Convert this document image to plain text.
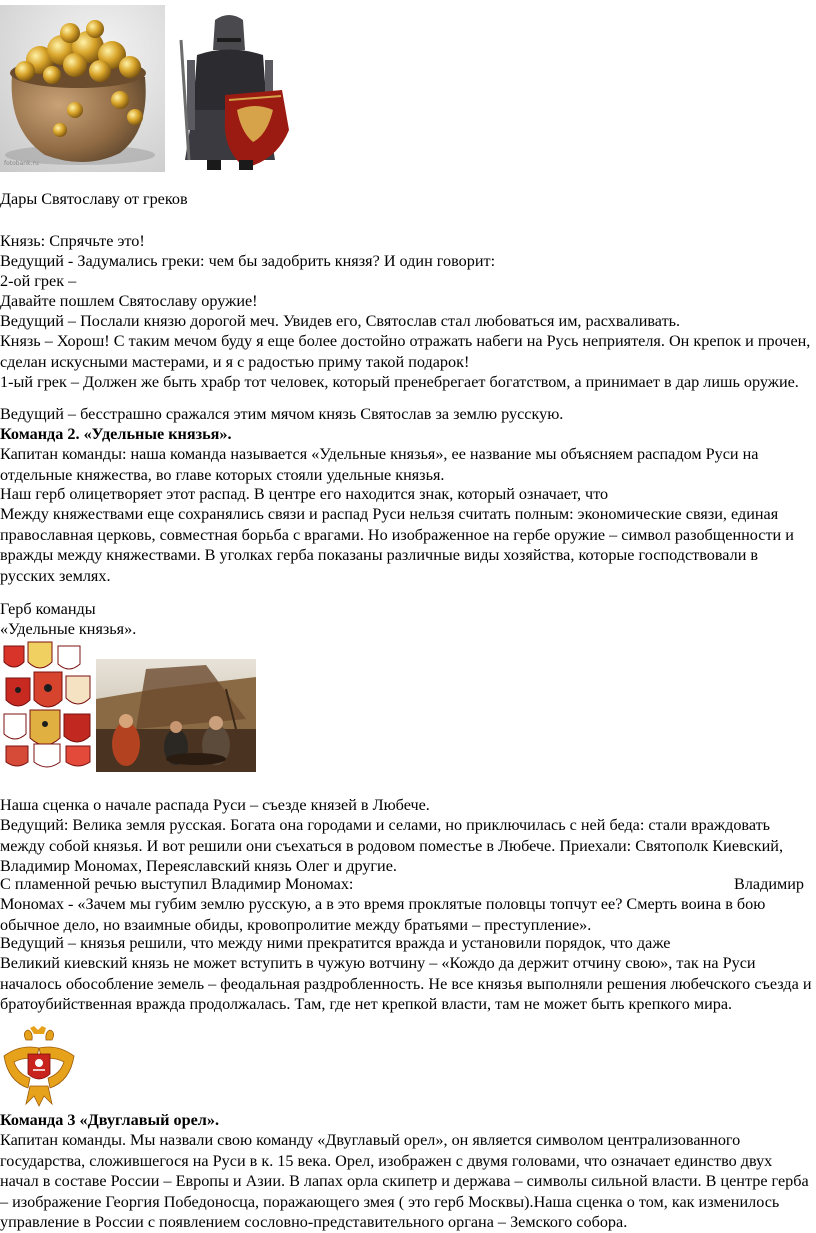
fotobank.ru

Дары Святославу от греков

Князь: Спрячьте это!

Ведущий - Задумались греки: чем бы задобрить князя? И один говорит:

2-ой грек –

Давайте пошлем Святославу оружие!

Ведущий – Послали князю дорогой меч. Увидев его, Святослав стал любоваться им, расхваливать.

Князь – Хорош! С таким мечом буду я еще более достойно отражать набеги на Русь неприятеля. Он крепок и прочен, сделан искусными мастерами, и я с радостью приму такой подарок!

1-ый грек – Должен же быть храбр тот человек, который пренебрегает богатством, а принимает в дар лишь оружие.

Ведущий – бесстрашно сражался этим мячом князь Святослав за землю русскую.

Команда 2. «Удельные князья».

Капитан команды: наша команда называется «Удельные князья», ее название мы объясняем распадом Руси на отдельные княжества, во главе которых стояли удельные князья.

Наш герб олицетворяет этот распад. В центре его находится знак, который означает, что

Между княжествами еще сохранялись связи и распад Руси нельзя считать полным: экономические связи, единая православная церковь, совместная борьба с врагами. Но изображенное на гербе оружие – символ разобщенности и вражды между княжествами. В уголках герба показаны различные виды хозяйства, которые господствовали в русских землях.

Герб команды

«Удельные князья».

Наша сценка о начале распада Руси – съезде князей в Любече.

Ведущий: Велика земля русская. Богата она городами и селами, но приключилась с ней беда: стали враждовать между собой князья. И вот решили они съехаться в родовом поместье в Любече. Приехали: Святополк Киевский, Владимир Мономах, Переяславский князь Олег и другие.

С пламенной речью выступил Владимир Мономах:	Владимир

Мономах - «Зачем мы губим землю русскую, а в это время проклятые половцы топчут ее? Смерть воина в бою обычное дело, но взаимные обиды, кровопролитие между братьями – преступление».

Ведущий – князья решили, что между ними прекратится вражда и установили порядок, что даже

Великий киевский князь не может вступить в чужую вотчину – «Кождо да держит отчину свою», так на Руси началось обособление земель – феодальная раздробленность. Не все князья выполняли решения любечского съезда и братоубийственная вражда продолжалась. Там, где нет крепкой власти, там не может быть крепкого мира.

Команда 3 «Двуглавый орел».

Капитан команды. Мы назвали свою команду «Двуглавый орел», он является символом централизованного государства, сложившегося на Руси в к. 15 века. Орел, изображен с двумя головами, что означает единство двух начал в составе России – Европы и Азии. В лапах орла скипетр и держава – символы сильной власти. В центре герба – изображение Георгия Победоносца, поражающего змея ( это герб Москвы).Наша сценка о том, как изменилось управление в России с появлением сословно-представительного органа – Земского собора.
